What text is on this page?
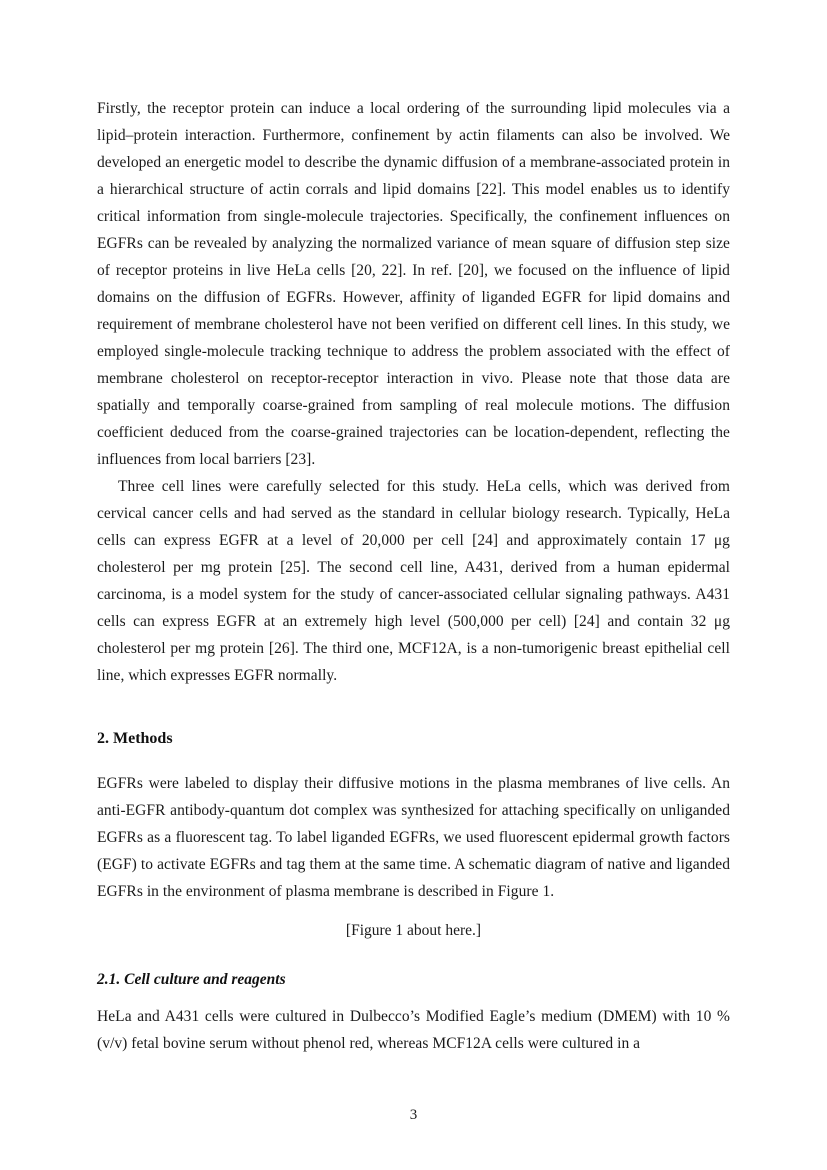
Firstly, the receptor protein can induce a local ordering of the surrounding lipid molecules via a lipid–protein interaction. Furthermore, confinement by actin filaments can also be involved. We developed an energetic model to describe the dynamic diffusion of a membrane-associated protein in a hierarchical structure of actin corrals and lipid domains [22]. This model enables us to identify critical information from single-molecule trajectories. Specifically, the confinement influences on EGFRs can be revealed by analyzing the normalized variance of mean square of diffusion step size of receptor proteins in live HeLa cells [20, 22]. In ref. [20], we focused on the influence of lipid domains on the diffusion of EGFRs. However, affinity of liganded EGFR for lipid domains and requirement of membrane cholesterol have not been verified on different cell lines. In this study, we employed single-molecule tracking technique to address the problem associated with the effect of membrane cholesterol on receptor-receptor interaction in vivo. Please note that those data are spatially and temporally coarse-grained from sampling of real molecule motions. The diffusion coefficient deduced from the coarse-grained trajectories can be location-dependent, reflecting the influences from local barriers [23].

Three cell lines were carefully selected for this study. HeLa cells, which was derived from cervical cancer cells and had served as the standard in cellular biology research. Typically, HeLa cells can express EGFR at a level of 20,000 per cell [24] and approximately contain 17 μg cholesterol per mg protein [25]. The second cell line, A431, derived from a human epidermal carcinoma, is a model system for the study of cancer-associated cellular signaling pathways. A431 cells can express EGFR at an extremely high level (500,000 per cell) [24] and contain 32 μg cholesterol per mg protein [26]. The third one, MCF12A, is a non-tumorigenic breast epithelial cell line, which expresses EGFR normally.

2. Methods

EGFRs were labeled to display their diffusive motions in the plasma membranes of live cells. An anti-EGFR antibody-quantum dot complex was synthesized for attaching specifically on unliganded EGFRs as a fluorescent tag. To label liganded EGFRs, we used fluorescent epidermal growth factors (EGF) to activate EGFRs and tag them at the same time. A schematic diagram of native and liganded EGFRs in the environment of plasma membrane is described in Figure 1.

[Figure 1 about here.]

2.1. Cell culture and reagents

HeLa and A431 cells were cultured in Dulbecco’s Modified Eagle’s medium (DMEM) with 10 % (v/v) fetal bovine serum without phenol red, whereas MCF12A cells were cultured in a

3
